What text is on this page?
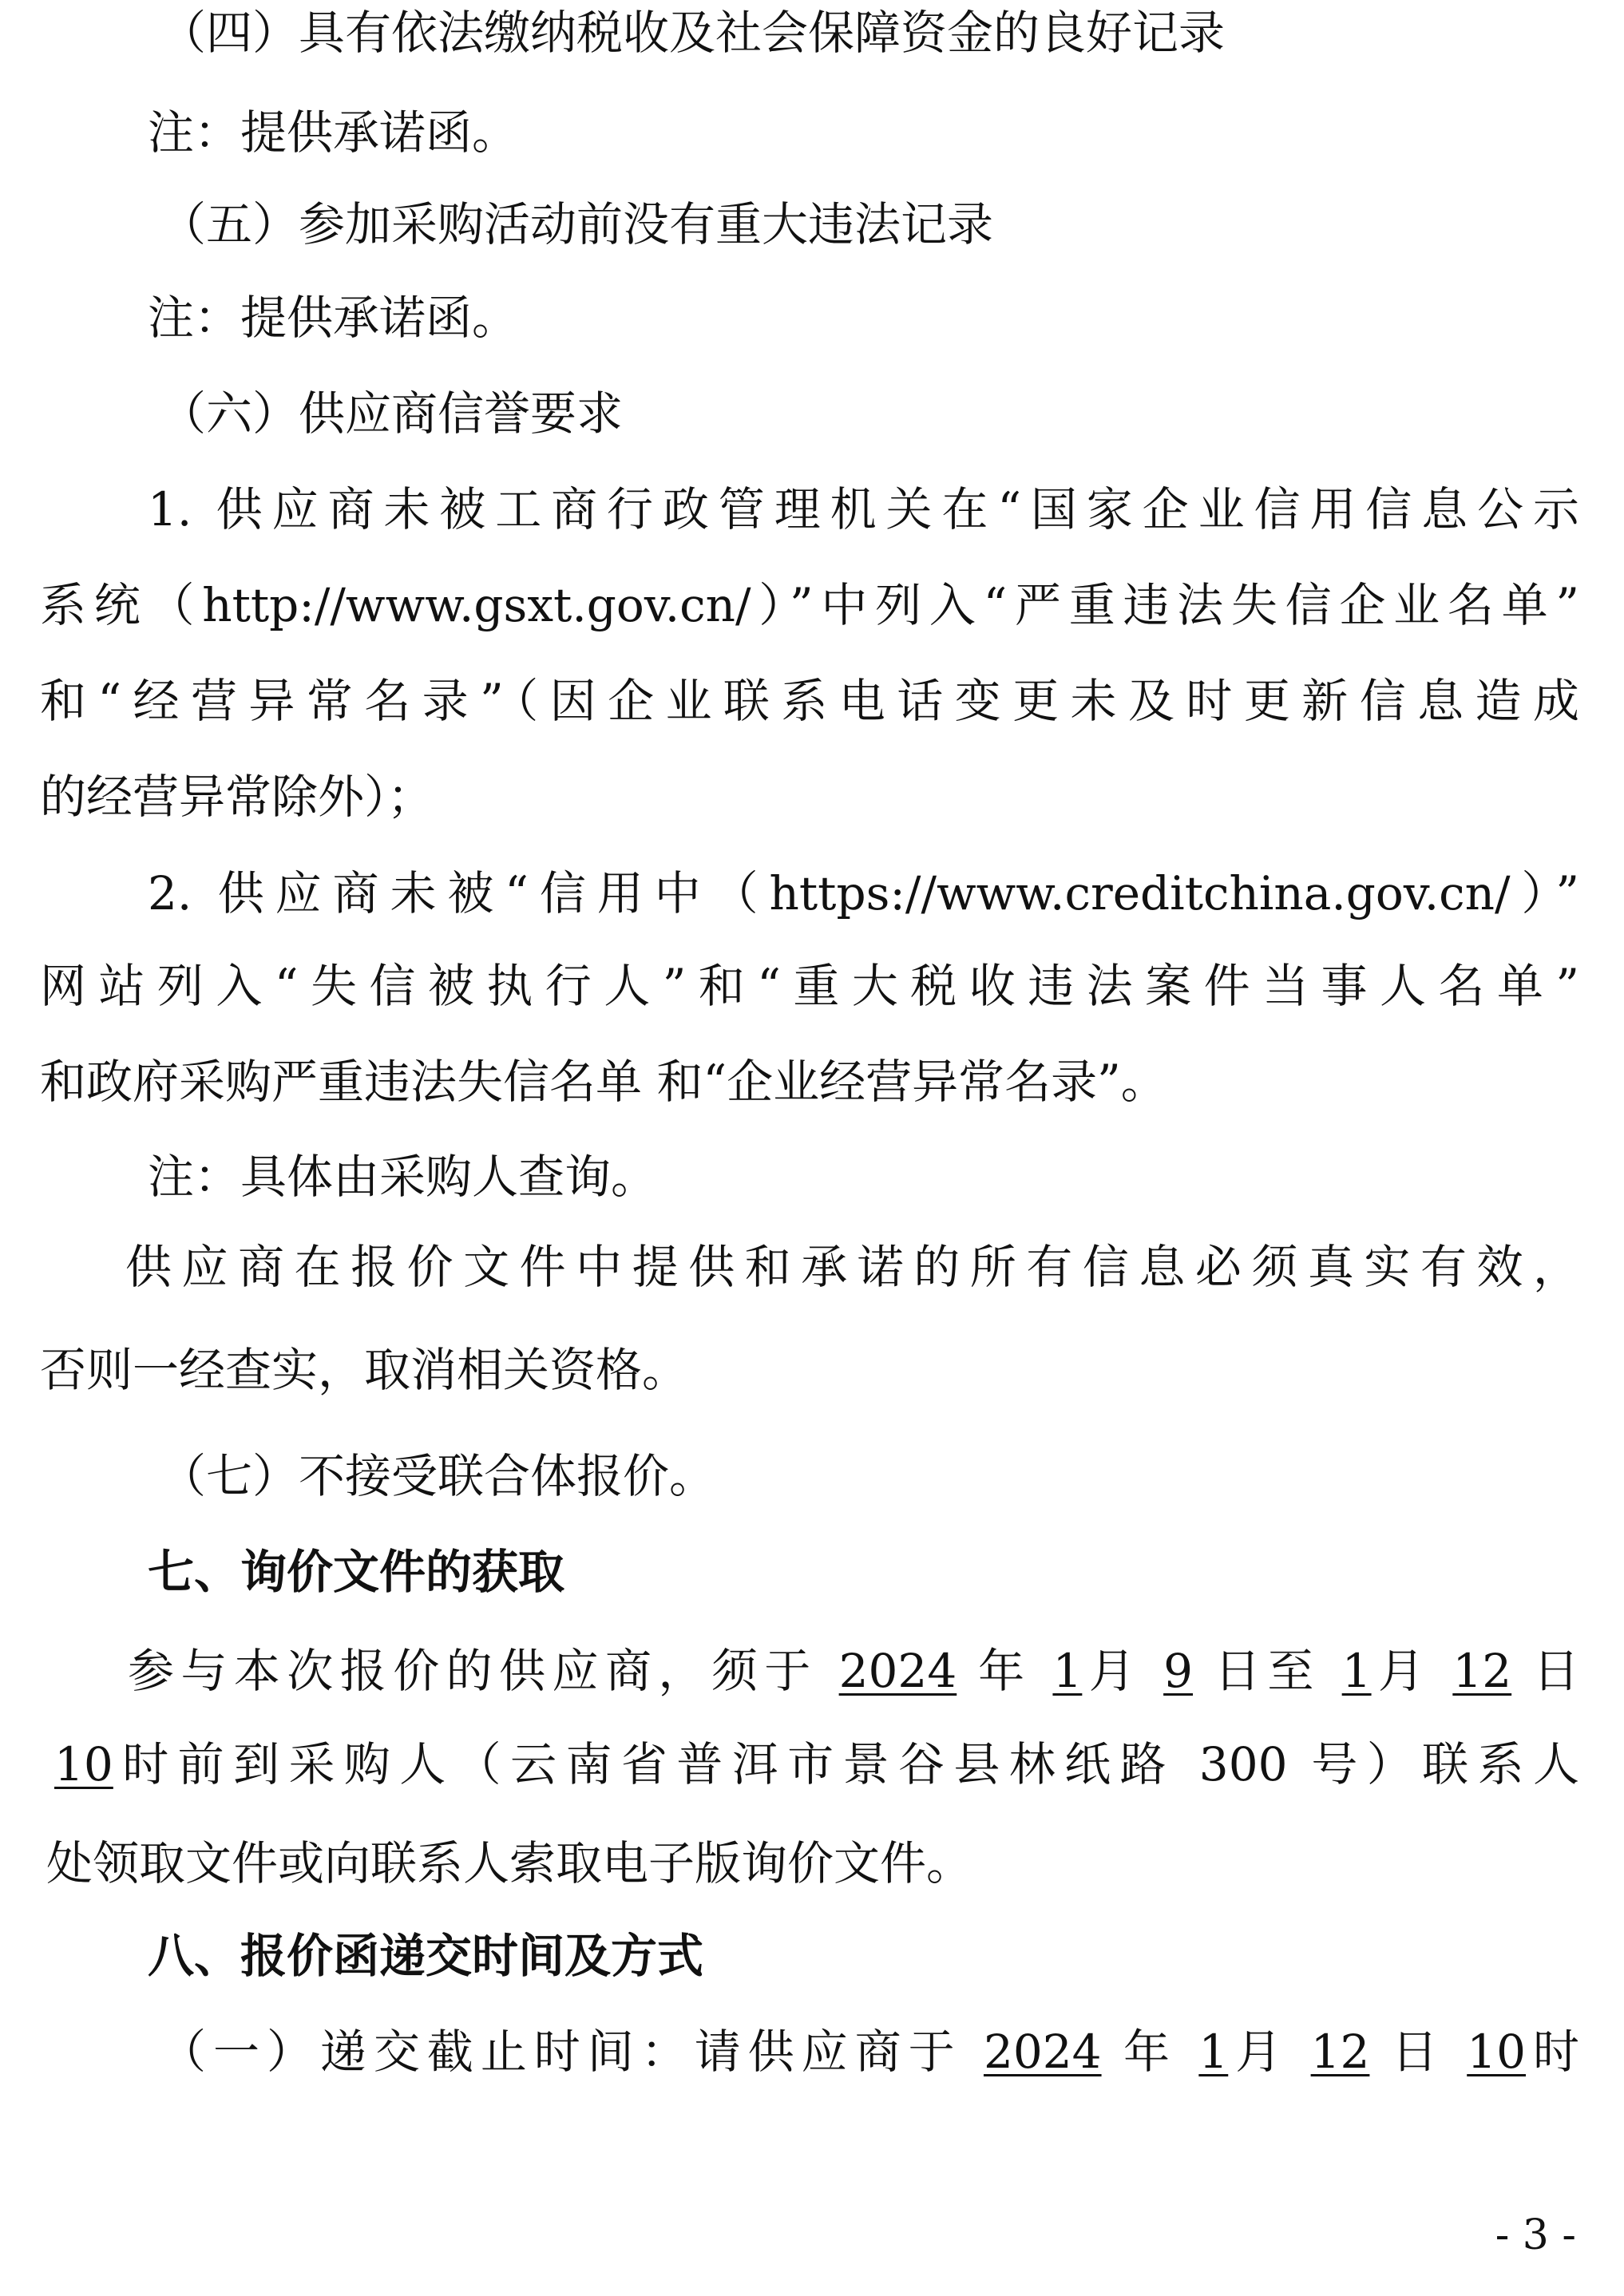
（四）具有依法缴纳税收及社会保障资金的良好记录
注：提供承诺函。
（五）参加采购活动前没有重大违法记录
注：提供承诺函。
（六）供应商信誉要求
1. 供应商未被工商行政管理机关在“国家企业信用信息公示
系统（http://www.gsxt.gov.cn/）”中列入“严重违法失信企业名单”
和“经营异常名录”（因企业联系电话变更未及时更新信息造成
的经营异常除外）；
2. 供应商未被“信用中（https://www.creditchina.gov.cn/）”
网站列入“失信被执行人”和“重大税收违法案件当事人名单”
和政府采购严重违法失信名单 和“企业经营异常名录”。
注：具体由采购人查询。
供应商在报价文件中提供和承诺的所有信息必须真实有效，
否则一经查实，取消相关资格。
（七）不接受联合体报价。
七、询价文件的获取
参与本次报价的供应商，须于 2024 年 1月 9 日至 1月 12 日
10时前到采购人（云南省普洱市景谷县林纸路 300 号）联系人
处领取文件或向联系人索取电子版询价文件。
八、报价函递交时间及方式
（一）递交截止时间：请供应商于 2024 年 1月 12 日 10时
- 3 -
